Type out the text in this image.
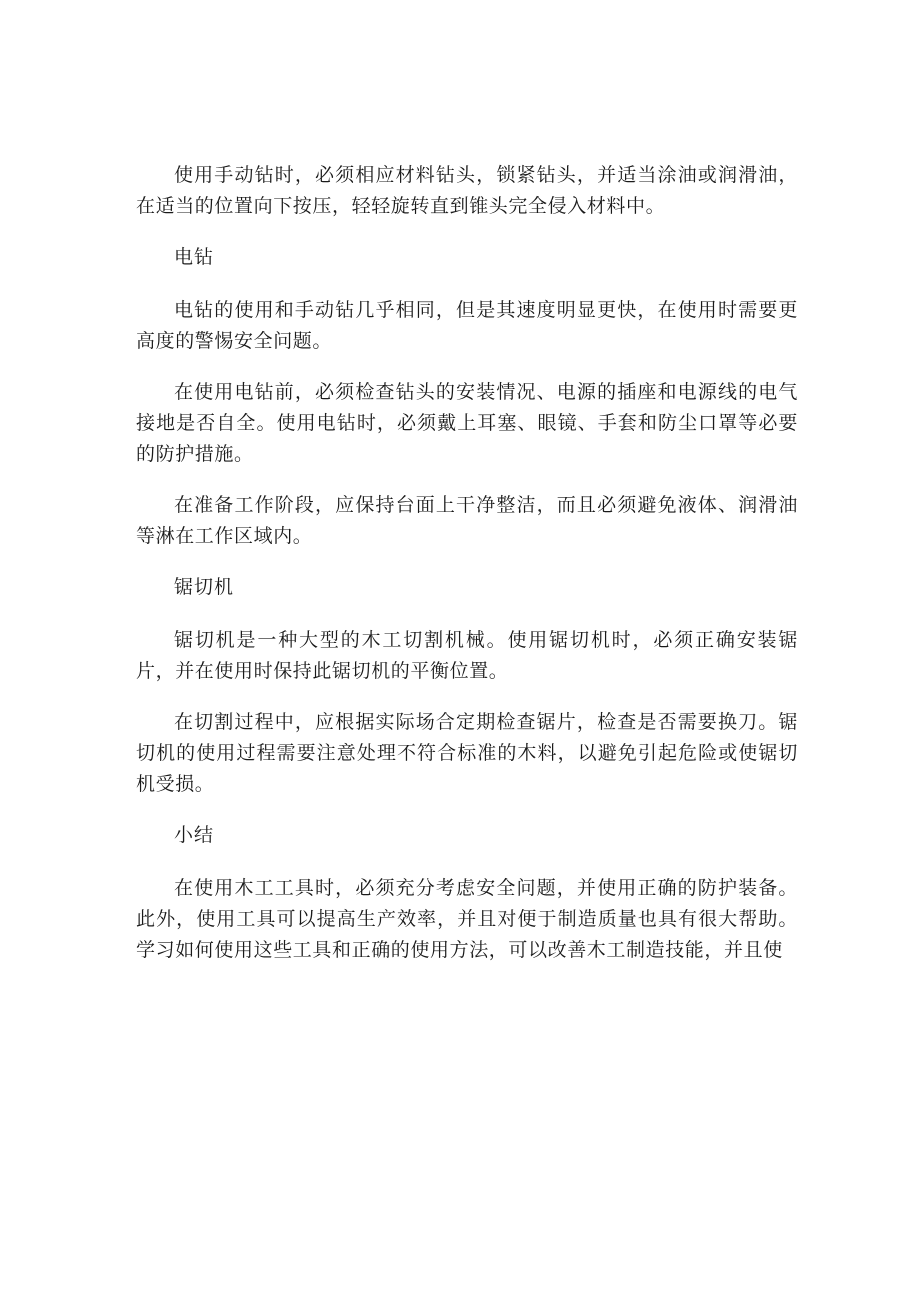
使用手动钻时，必须相应材料钻头，锁紧钻头，并适当涂油或润滑油，在适当的位置向下按压，轻轻旋转直到锥头完全侵入材料中。

电钻

电钻的使用和手动钻几乎相同，但是其速度明显更快，在使用时需要更高度的警惕安全问题。

在使用电钻前，必须检查钻头的安装情况、电源的插座和电源线的电气接地是否自全。使用电钻时，必须戴上耳塞、眼镜、手套和防尘口罩等必要的防护措施。

在准备工作阶段，应保持台面上干净整洁，而且必须避免液体、润滑油等淋在工作区域内。

锯切机

锯切机是一种大型的木工切割机械。使用锯切机时，必须正确安装锯片，并在使用时保持此锯切机的平衡位置。

在切割过程中，应根据实际场合定期检查锯片，检查是否需要换刀。锯切机的使用过程需要注意处理不符合标准的木料，以避免引起危险或使锯切机受损。

小结

在使用木工工具时，必须充分考虑安全问题，并使用正确的防护装备。此外，使用工具可以提高生产效率，并且对便于制造质量也具有很大帮助。学习如何使用这些工具和正确的使用方法，可以改善木工制造技能，并且使
